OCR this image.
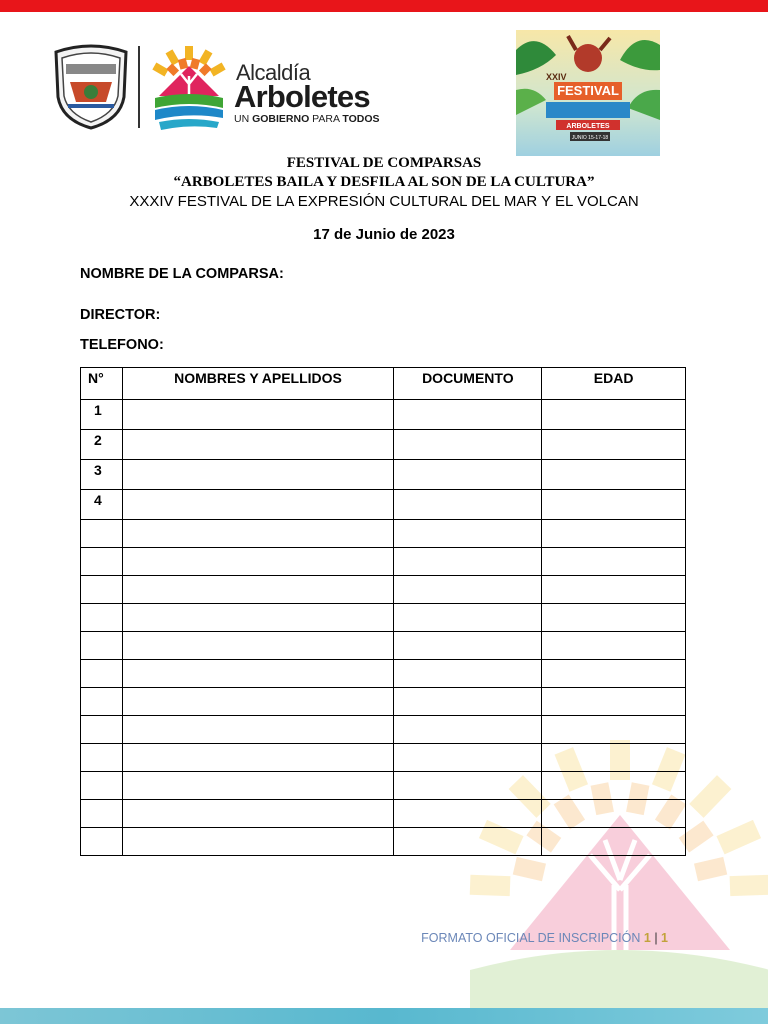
Alcaldía
Arboletes
UN GOBIERNO PARA TODOS
XXIV
FESTIVAL
ARBOLETES
JUNIO 15-17-18
FESTIVAL DE COMPARSAS
“ARBOLETES BAILA Y DESFILA AL SON DE LA CULTURA”
XXXIV FESTIVAL DE LA EXPRESIÓN CULTURAL DEL MAR Y EL VOLCAN
17 de Junio de 2023
NOMBRE DE LA COMPARSA:
DIRECTOR:
TELEFONO:
N°	NOMBRES Y APELLIDOS	DOCUMENTO	EDAD
1			
2			
3			
4			

FORMATO OFICIAL DE INSCRIPCIÓN 1 | 1
